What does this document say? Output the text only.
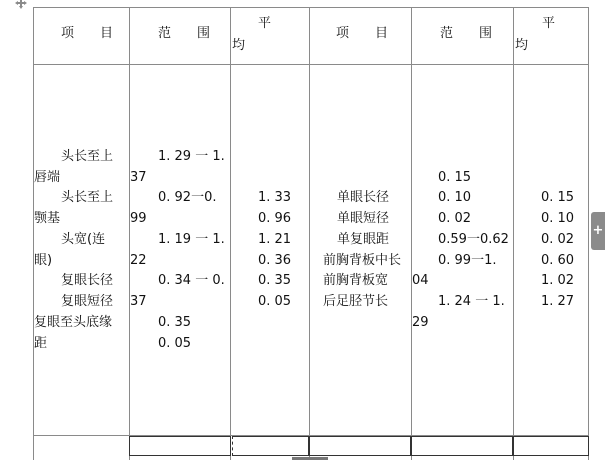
项　　目	范　　围
平
均
项　　目	范　　围
平
均
头长至上
唇端
头长至上
颚基
头宽(连
眼)
复眼长径
复眼短径
复眼至头底缘
距
1. 29 一 1.
37
0. 92一0.
99
1. 19 一 1.
22
0. 34 一 0.
37
0. 35
0. 05
1. 33
0. 96
1. 21
0. 36
0. 35
0. 05
单眼长径
单眼短径
单复眼距
前胸背板中长
前胸背板宽
后足胫节长
0. 15
0. 10
0. 02
0.59一0.62
0. 99一1.
04
1. 24 一 1.
29
0. 15
0. 10
0. 02
0. 60
1. 02
1. 27
+
